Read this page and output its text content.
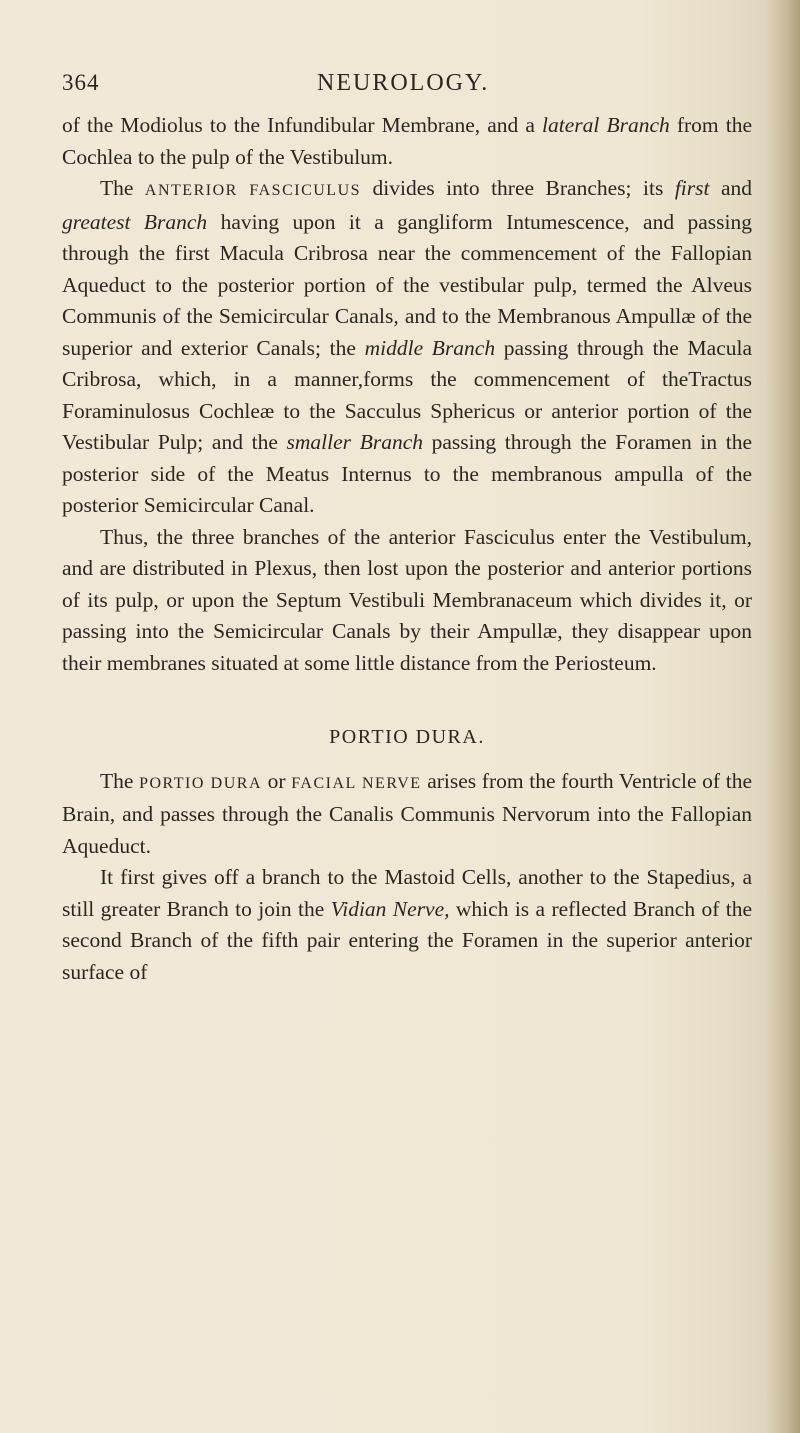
364	NEUROLOGY.

of the Modiolus to the Infundibular Membrane, and a lateral Branch from the Cochlea to the pulp of the Vestibulum.

The ANTERIOR FASCICULUS divides into three Branches; its first and greatest Branch having upon it a gangliform Intumescence, and passing through the first Macula Cribrosa near the commencement of the Fallopian Aqueduct to the posterior portion of the vestibular pulp, termed the Alveus Communis of the Semicircular Canals, and to the Membranous Ampullæ of the superior and exterior Canals; the middle Branch passing through the Macula Cribrosa, which, in a manner,forms the commencement of theTractus Foraminulosus Cochleæ to the Sacculus Sphericus or anterior portion of the Vestibular Pulp; and the smaller Branch passing through the Foramen in the posterior side of the Meatus Internus to the membranous ampulla of the posterior Semicircular Canal.

Thus, the three branches of the anterior Fasciculus enter the Vestibulum, and are distributed in Plexus, then lost upon the posterior and anterior portions of its pulp, or upon the Septum Vestibuli Membranaceum which divides it, or passing into the Semicircular Canals by their Ampullæ, they disappear upon their membranes situated at some little distance from the Periosteum.

PORTIO DURA.

The PORTIO DURA or FACIAL NERVE arises from the fourth Ventricle of the Brain, and passes through the Canalis Communis Nervorum into the Fallopian Aqueduct.

It first gives off a branch to the Mastoid Cells, another to the Stapedius, a still greater Branch to join the Vidian Nerve, which is a reflected Branch of the second Branch of the fifth pair entering the Foramen in the superior anterior surface of
